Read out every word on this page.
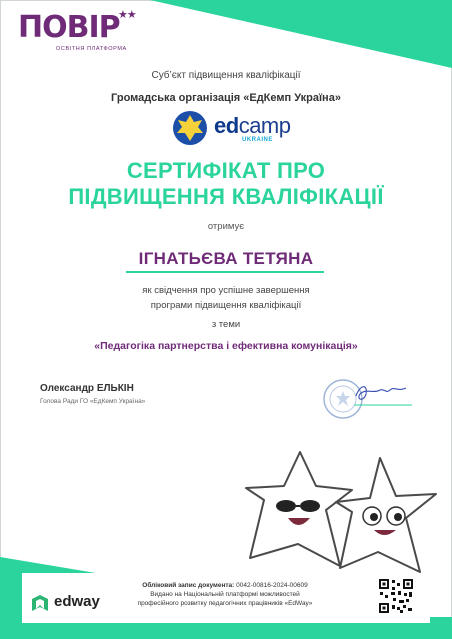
ПОВІР
★★
ОСВІТНЯ ПЛАТФОРМА
Суб’єкт підвищення кваліфікації
Громадська організація «ЕдКемп Україна»
edcamp
UKRAINE
СЕРТИФІКАТ ПРО
ПІДВИЩЕННЯ КВАЛІФІКАЦІЇ
отримує
ІГНАТЬЄВА ТЕТЯНА
як свідчення про успішне завершення
програми підвищення кваліфікації
з теми
«Педагогіка партнерства і ефективна комунікація»
Олександр ЕЛЬКІН
Голова Ради ГО «ЕдКемп Україна»
edway
Обліковий запис документа: 0042-00816-2024-00609
Видано на Національній платформі можливостей
професійного розвитку педагогічних працівників «EdWay»
